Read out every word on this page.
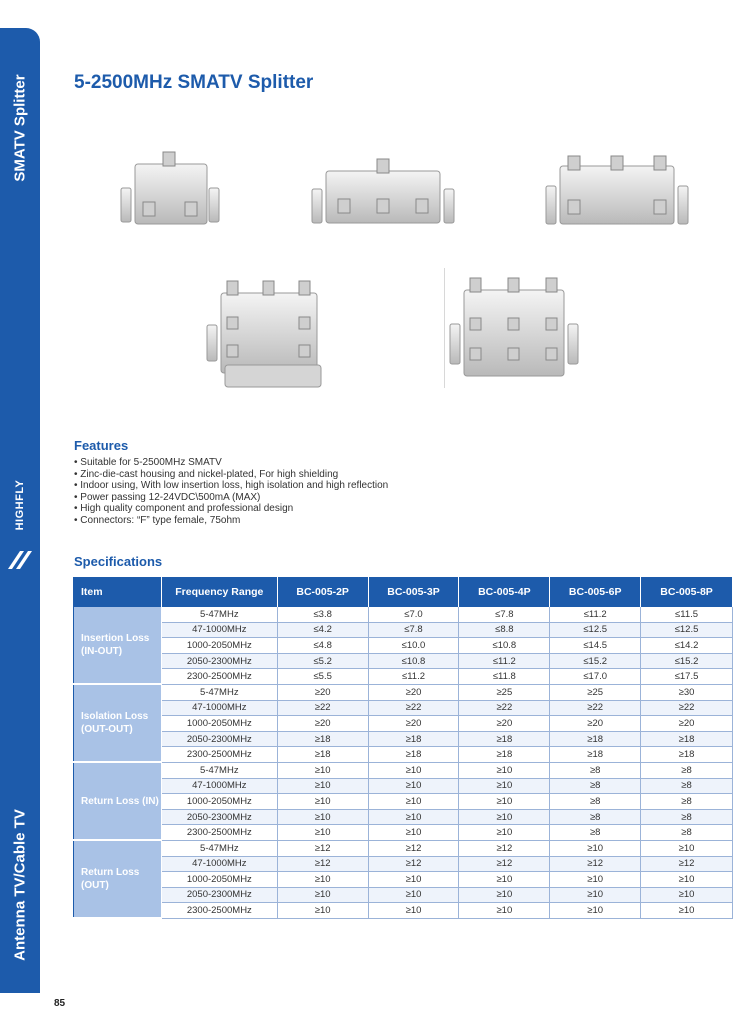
SMATV Splitter
HIGHFLY
Antenna TV/Cable TV
5-2500MHz SMATV Splitter
Features
• Suitable for 5-2500MHz SMATV
• Zinc-die-cast housing and nickel-plated, For high shielding
• Indoor using, With low insertion loss, high isolation and high reflection
• Power passing 12-24VDC\500mA (MAX)
• High quality component and professional design
• Connectors: “F” type female, 75ohm
Specifications
Item	Frequency Range	BC-005-2P	BC-005-3P	BC-005-4P	BC-005-6P	BC-005-8P
Insertion Loss (IN-OUT)	5-47MHz	≤3.8	≤7.0	≤7.8	≤11.2	≤11.5
	47-1000MHz	≤4.2	≤7.8	≤8.8	≤12.5	≤12.5
	1000-2050MHz	≤4.8	≤10.0	≤10.8	≤14.5	≤14.2
	2050-2300MHz	≤5.2	≤10.8	≤11.2	≤15.2	≤15.2
	2300-2500MHz	≤5.5	≤11.2	≤11.8	≤17.0	≤17.5
Isolation Loss (OUT-OUT)	5-47MHz	≥20	≥20	≥25	≥25	≥30
	47-1000MHz	≥22	≥22	≥22	≥22	≥22
	1000-2050MHz	≥20	≥20	≥20	≥20	≥20
	2050-2300MHz	≥18	≥18	≥18	≥18	≥18
	2300-2500MHz	≥18	≥18	≥18	≥18	≥18
Return Loss (IN)	5-47MHz	≥10	≥10	≥10	≥8	≥8
	47-1000MHz	≥10	≥10	≥10	≥8	≥8
	1000-2050MHz	≥10	≥10	≥10	≥8	≥8
	2050-2300MHz	≥10	≥10	≥10	≥8	≥8
	2300-2500MHz	≥10	≥10	≥10	≥8	≥8
Return Loss (OUT)	5-47MHz	≥12	≥12	≥12	≥10	≥10
	47-1000MHz	≥12	≥12	≥12	≥12	≥12
	1000-2050MHz	≥10	≥10	≥10	≥10	≥10
	2050-2300MHz	≥10	≥10	≥10	≥10	≥10
	2300-2500MHz	≥10	≥10	≥10	≥10	≥10
85
